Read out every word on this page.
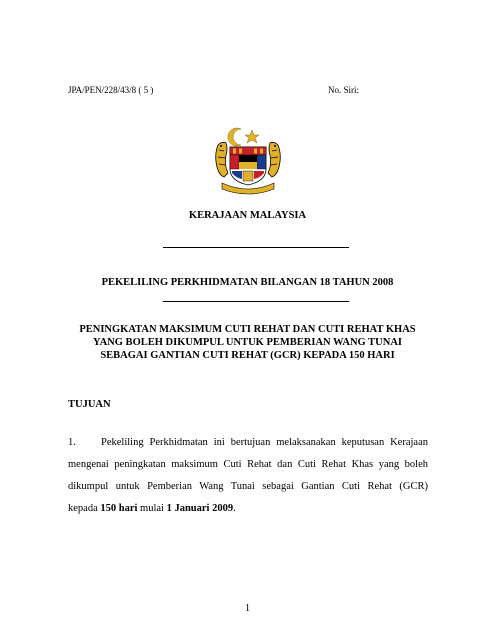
JPA/PEN/228/43/8 ( 5 )	No. Siri:
KERAJAAN MALAYSIA
PEKELILING PERKHIDMATAN BILANGAN 18 TAHUN 2008
PENINGKATAN MAKSIMUM CUTI REHAT DAN CUTI REHAT KHAS
YANG BOLEH DIKUMPUL UNTUK PEMBERIAN WANG TUNAI
SEBAGAI GANTIAN CUTI REHAT (GCR) KEPADA 150 HARI
TUJUAN
1. Pekeliling Perkhidmatan ini bertujuan melaksanakan keputusan Kerajaan
mengenai peningkatan maksimum Cuti Rehat dan Cuti Rehat Khas yang boleh
dikumpul untuk Pemberian Wang Tunai sebagai Gantian Cuti Rehat (GCR)
kepada 150 hari mulai 1 Januari 2009.
1
